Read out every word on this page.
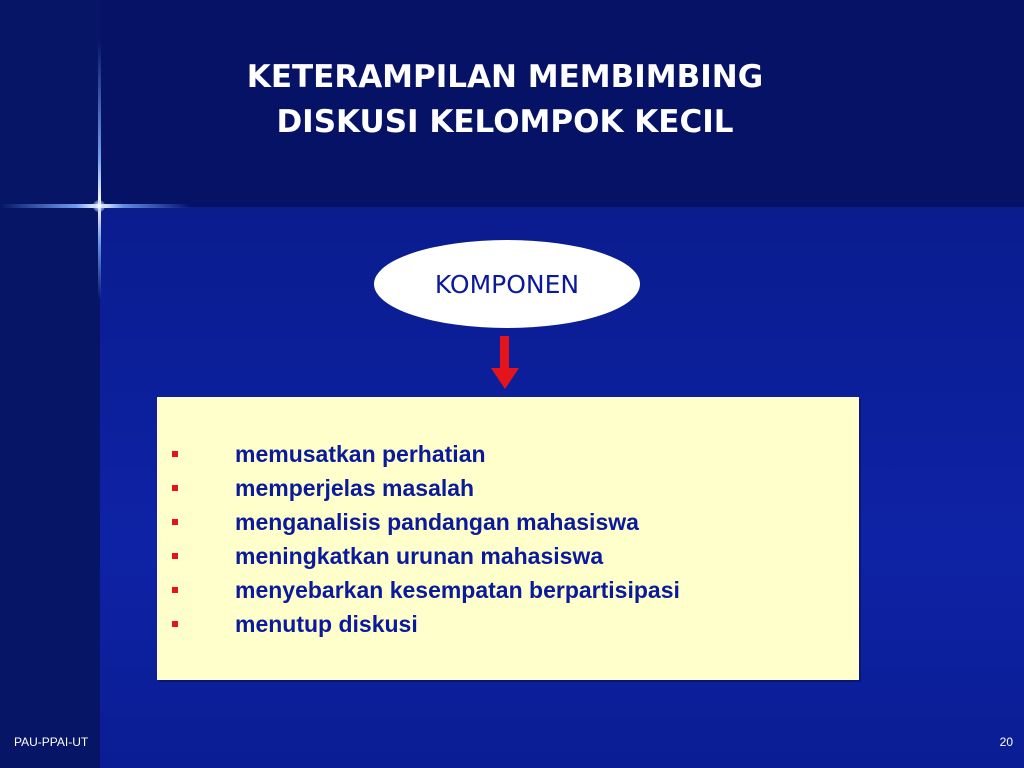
KETERAMPILAN MEMBIMBING
DISKUSI KELOMPOK KECIL
KOMPONEN
memusatkan perhatian
memperjelas masalah
menganalisis pandangan mahasiswa
meningkatkan urunan mahasiswa
menyebarkan kesempatan berpartisipasi
menutup diskusi
PAU-PPAI-UT	20
